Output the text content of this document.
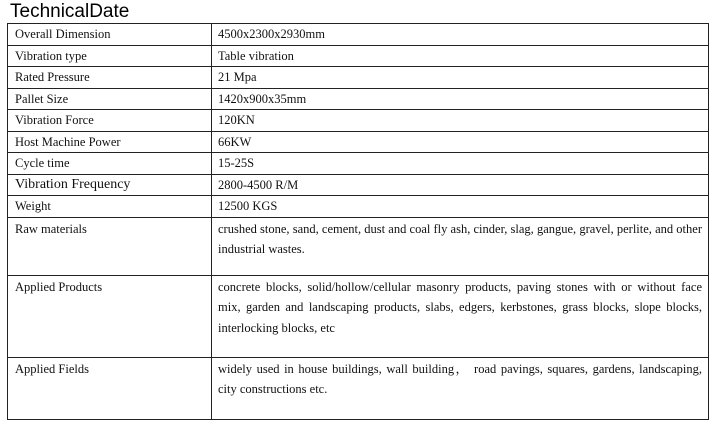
TechnicalDate
Overall Dimension	4500x2300x2930mm
Vibration type	Table vibration
Rated Pressure	21 Mpa
Pallet Size	1420x900x35mm
Vibration Force	120KN
Host Machine Power	66KW
Cycle time	15-25S
Vibration Frequency	2800-4500 R/M
Weight	12500 KGS
Raw materials	crushed stone, sand, cement, dust and coal fly ash, cinder, slag, gangue, gravel, perlite, and other industrial wastes.
Applied Products	concrete blocks, solid/hollow/cellular masonry products, paving stones with or without face mix, garden and landscaping products, slabs, edgers, kerbstones, grass blocks, slope blocks, interlocking blocks, etc
Applied Fields	widely used in house buildings, wall building， road pavings, squares, gardens, landscaping, city constructions etc.
